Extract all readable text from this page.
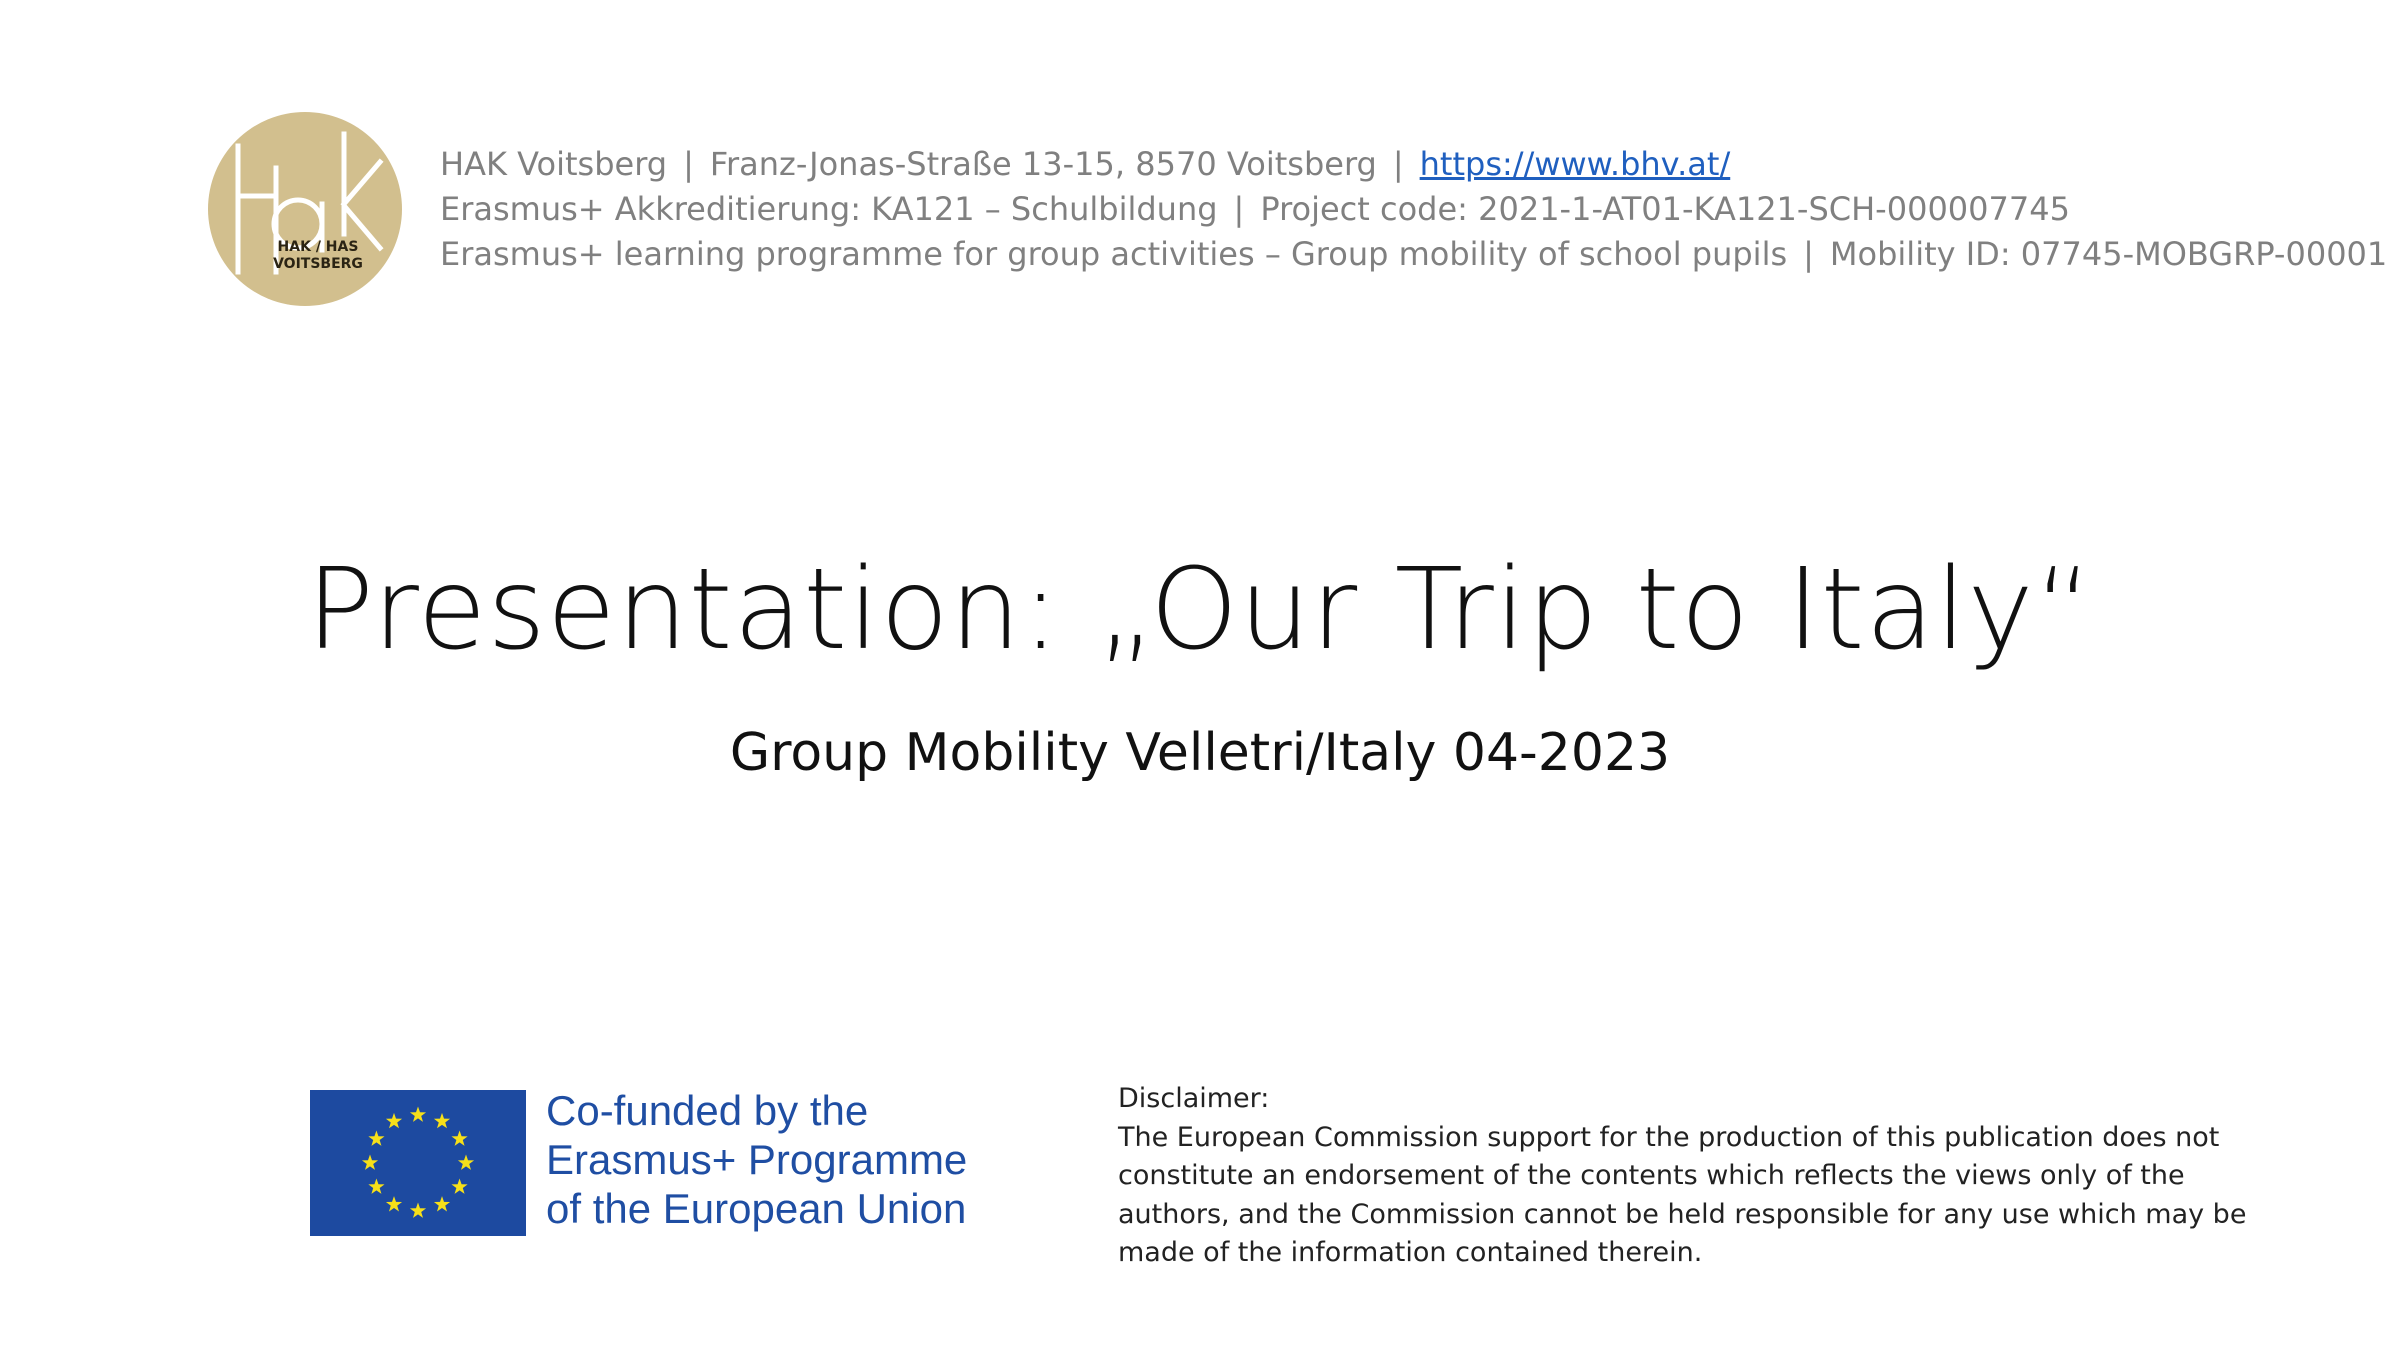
HAK / HAS
VOITSBERG
HAK Voitsberg | Franz-Jonas-Straße 13-15, 8570 Voitsberg | https://www.bhv.at/
Erasmus+ Akkreditierung: KA121 – Schulbildung | Project code: 2021-1-AT01-KA121-SCH-000007745
Erasmus+ learning programme for group activities – Group mobility of school pupils | Mobility ID: 07745-MOBGRP-00001
Presentation: „Our Trip to Italy“
Group Mobility Velletri/Italy 04-2023
Co-funded by the
Erasmus+ Programme
of the European Union
Disclaimer:
The European Commission support for the production of this publication does not
constitute an endorsement of the contents which reflects the views only of the
authors, and the Commission cannot be held responsible for any use which may be
made of the information contained therein.
